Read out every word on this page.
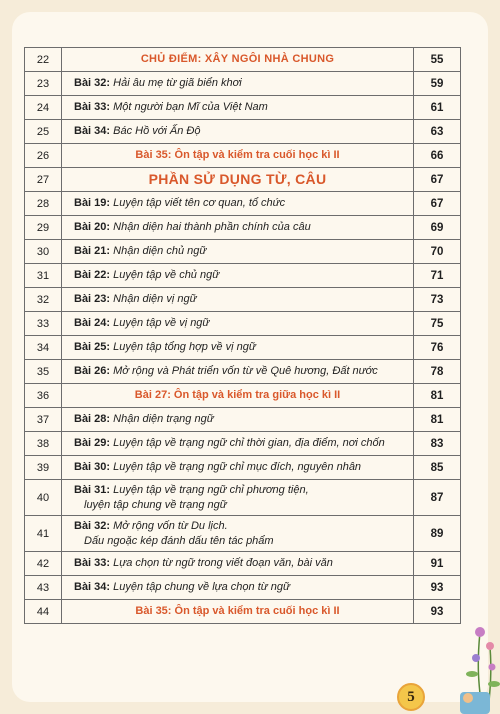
22	CHỦ ĐIỂM: XÂY NGÔI NHÀ CHUNG	55
23	Bài 32: Hải âu mẹ từ giã biển khơi	59
24	Bài 33: Một người bạn Mĩ của Việt Nam	61
25	Bài 34: Bác Hồ với Ấn Độ	63
26	Bài 35: Ôn tập và kiểm tra cuối học kì II	66
27	PHẦN SỬ DỤNG TỪ, CÂU	67
28	Bài 19: Luyện tập viết tên cơ quan, tổ chức	67
29	Bài 20: Nhận diện hai thành phần chính của câu	69
30	Bài 21: Nhận diện chủ ngữ	70
31	Bài 22: Luyện tập về chủ ngữ	71
32	Bài 23: Nhận diện vị ngữ	73
33	Bài 24: Luyện tập về vị ngữ	75
34	Bài 25: Luyện tập tổng hợp về vị ngữ	76
35	Bài 26: Mở rộng và Phát triển vốn từ về Quê hương, Đất nước	78
36	Bài 27: Ôn tập và kiểm tra giữa học kì II	81
37	Bài 28: Nhận diện trạng ngữ	81
38	Bài 29: Luyện tập về trạng ngữ chỉ thời gian, địa điểm, nơi chốn	83
39	Bài 30: Luyện tập về trạng ngữ chỉ mục đích, nguyên nhân	85
40	Bài 31: Luyện tập về trạng ngữ chỉ phương tiện,
luyện tập chung về trạng ngữ	87
41	Bài 32: Mở rộng vốn từ Du lịch.
Dấu ngoặc kép đánh dấu tên tác phẩm	89
42	Bài 33: Lựa chọn từ ngữ trong viết đoạn văn, bài văn	91
43	Bài 34: Luyện tập chung về lựa chọn từ ngữ	93
44	Bài 35: Ôn tập và kiểm tra cuối học kì II	93
5
